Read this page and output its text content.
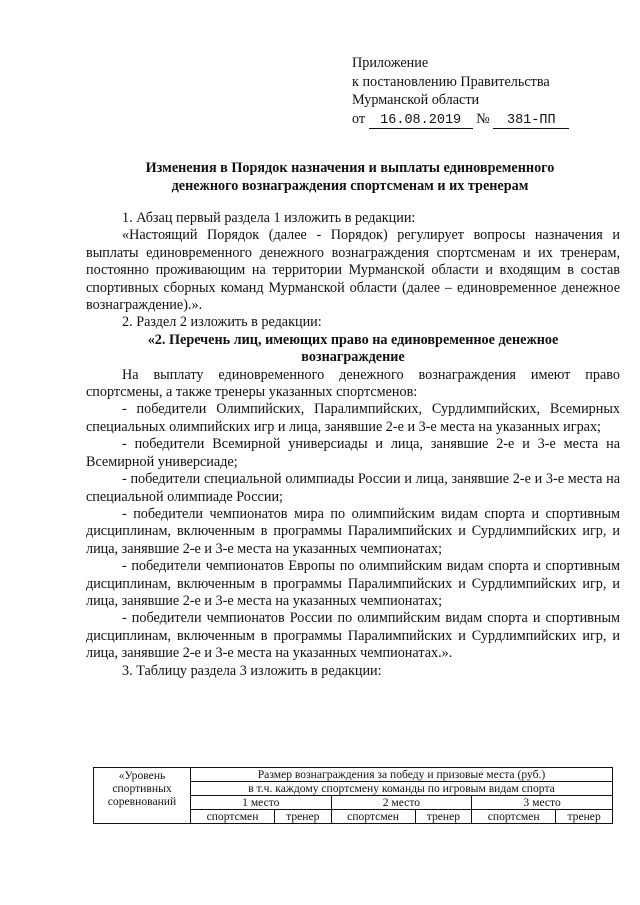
Приложение
к постановлению Правительства
Мурманской области
от 16.08.2019 № 381-ПП
Изменения в Порядок назначения и выплаты единовременного
денежного вознаграждения спортсменам и их тренерам

1. Абзац первый раздела 1 изложить в редакции:

«Настоящий Порядок (далее - Порядок) регулирует вопросы назначения и выплаты единовременного денежного вознаграждения спортсменам и их тренерам, постоянно проживающим на территории Мурманской области и входящим в состав спортивных сборных команд Мурманской области (далее – единовременное денежное вознаграждение).».

2. Раздел 2 изложить в редакции:

«2. Перечень лиц, имеющих право на единовременное денежное

вознаграждение

На выплату единовременного денежного вознаграждения имеют право спортсмены, а также тренеры указанных спортсменов:

- победители Олимпийских, Паралимпийских, Сурдлимпийских, Всемирных специальных олимпийских игр и лица, занявшие 2-е и 3-е места на указанных играх;

- победители Всемирной универсиады и лица, занявшие 2-е и 3-е места на Всемирной универсиаде;

- победители специальной олимпиады России и лица, занявшие 2-е и 3-е места на специальной олимпиаде России;

- победители чемпионатов мира по олимпийским видам спорта и спортивным дисциплинам, включенным в программы Паралимпийских и Сурдлимпийских игр, и лица, занявшие 2-е и 3-е места на указанных чемпионатах;

- победители чемпионатов Европы по олимпийским видам спорта и спортивным дисциплинам, включенным в программы Паралимпийских и Сурдлимпийских игр, и лица, занявшие 2-е и 3-е места на указанных чемпионатах;

- победители чемпионатов России по олимпийским видам спорта и спортивным дисциплинам, включенным в программы Паралимпийских и Сурдлимпийских игр, и лица, занявшие 2-е и 3-е места на указанных чемпионатах.».

3. Таблицу раздела 3 изложить в редакции:

«Уровень спортивных соревнований	Размер вознаграждения за победу и призовые места (руб.)					
	в т.ч. каждому спортсмену команды по игровым видам спорта					
	1 место		2 место		3 место	
	спортсмен	тренер	спортсмен	тренер	спортсмен	тренер
